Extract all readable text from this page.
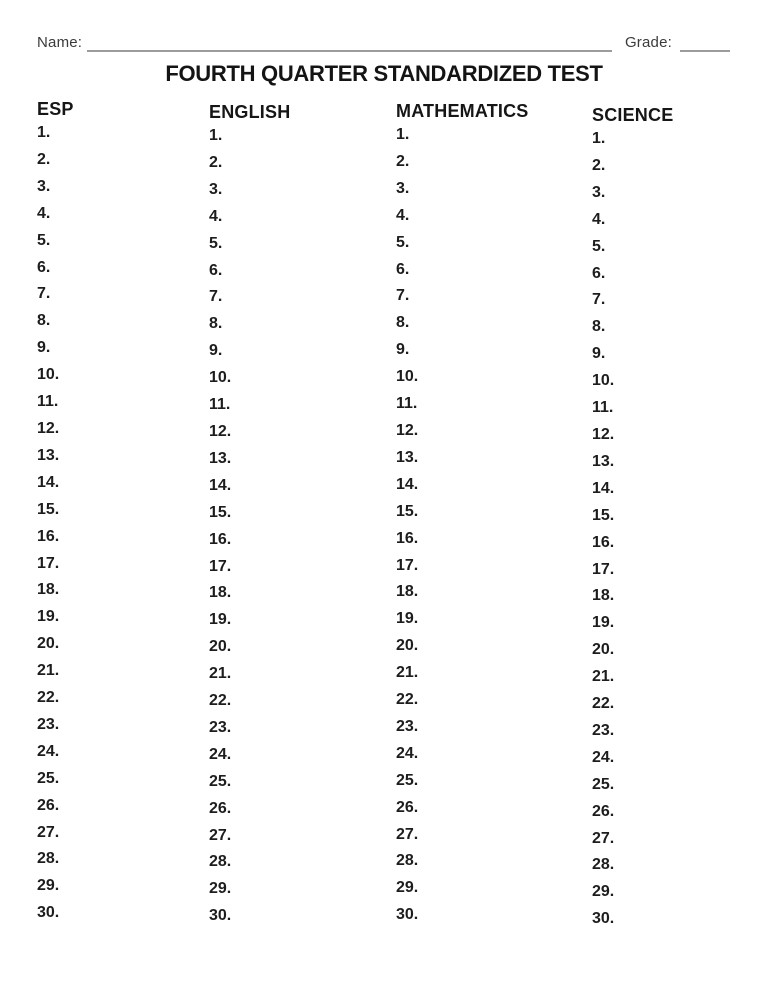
Name:	Grade:
FOURTH QUARTER STANDARDIZED TEST
ESP
1.
2.
3.
4.
5.
6.
7.
8.
9.
10.
11.
12.
13.
14.
15.
16.
17.
18.
19.
20.
21.
22.
23.
24.
25.
26.
27.
28.
29.
30.
ENGLISH
1.
2.
3.
4.
5.
6.
7.
8.
9.
10.
11.
12.
13.
14.
15.
16.
17.
18.
19.
20.
21.
22.
23.
24.
25.
26.
27.
28.
29.
30.
MATHEMATICS
1.
2.
3.
4.
5.
6.
7.
8.
9.
10.
11.
12.
13.
14.
15.
16.
17.
18.
19.
20.
21.
22.
23.
24.
25.
26.
27.
28.
29.
30.
SCIENCE
1.
2.
3.
4.
5.
6.
7.
8.
9.
10.
11.
12.
13.
14.
15.
16.
17.
18.
19.
20.
21.
22.
23.
24.
25.
26.
27.
28.
29.
30.
